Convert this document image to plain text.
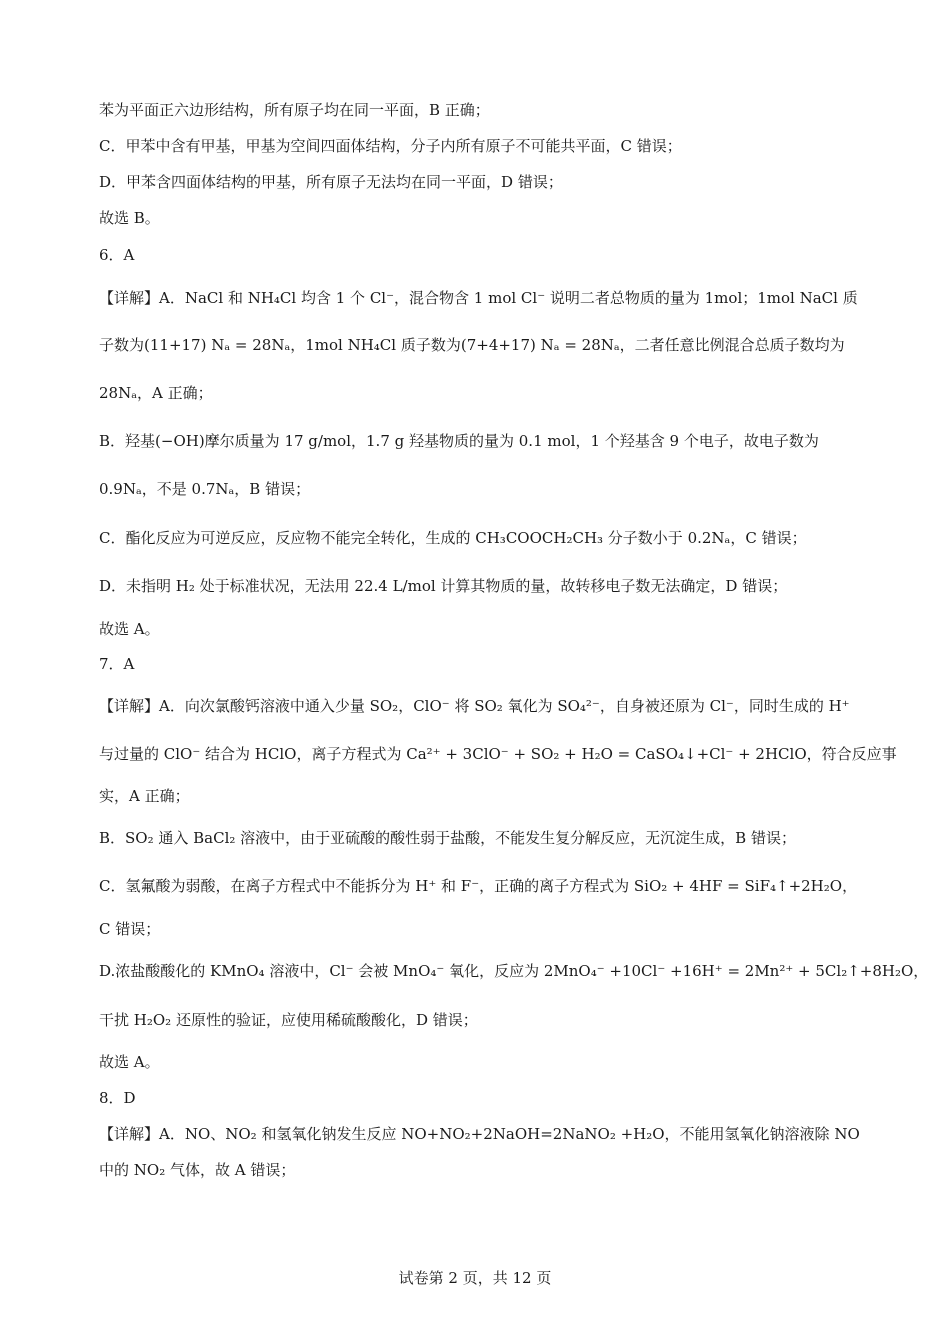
苯为平面正六边形结构，所有原子均在同一平面，B 正确；
C．甲苯中含有甲基，甲基为空间四面体结构，分子内所有原子不可能共平面，C 错误；
D．甲苯含四面体结构的甲基，所有原子无法均在同一平面，D 错误；
故选 B。
6．A
【详解】A．NaCl 和 NH₄Cl 均含 1 个 Cl⁻，混合物含 1 mol Cl⁻ 说明二者总物质的量为 1mol；1mol NaCl 质
子数为(11+17) Nₐ = 28Nₐ，1mol NH₄Cl 质子数为(7+4+17) Nₐ = 28Nₐ，二者任意比例混合总质子数均为
28Nₐ，A 正确；
B．羟基(−OH)摩尔质量为 17 g/mol，1.7 g 羟基物质的量为 0.1 mol，1 个羟基含 9 个电子，故电子数为
0.9Nₐ，不是 0.7Nₐ，B 错误；
C．酯化反应为可逆反应，反应物不能完全转化，生成的 CH₃COOCH₂CH₃ 分子数小于 0.2Nₐ，C 错误；
D．未指明 H₂ 处于标准状况，无法用 22.4 L/mol 计算其物质的量，故转移电子数无法确定，D 错误；
故选 A。
7．A
【详解】A．向次氯酸钙溶液中通入少量 SO₂，ClO⁻ 将 SO₂ 氧化为 SO₄²⁻，自身被还原为 Cl⁻，同时生成的 H⁺
与过量的 ClO⁻ 结合为 HClO，离子方程式为 Ca²⁺ + 3ClO⁻ + SO₂ + H₂O = CaSO₄↓+Cl⁻ + 2HClO，符合反应事
实，A 正确；
B．SO₂ 通入 BaCl₂ 溶液中，由于亚硫酸的酸性弱于盐酸，不能发生复分解反应，无沉淀生成，B 错误；
C．氢氟酸为弱酸，在离子方程式中不能拆分为 H⁺ 和 F⁻，正确的离子方程式为 SiO₂ + 4HF = SiF₄↑+2H₂O，
C 错误；
D.浓盐酸酸化的 KMnO₄ 溶液中，Cl⁻ 会被 MnO₄⁻ 氧化，反应为 2MnO₄⁻ +10Cl⁻ +16H⁺ = 2Mn²⁺ + 5Cl₂↑+8H₂O，
干扰 H₂O₂ 还原性的验证，应使用稀硫酸酸化，D 错误；
故选 A。
8．D
【详解】A．NO、NO₂ 和氢氧化钠发生反应 NO+NO₂+2NaOH=2NaNO₂ +H₂O，不能用氢氧化钠溶液除 NO
中的 NO₂ 气体，故 A 错误；
试卷第 2 页，共 12 页
